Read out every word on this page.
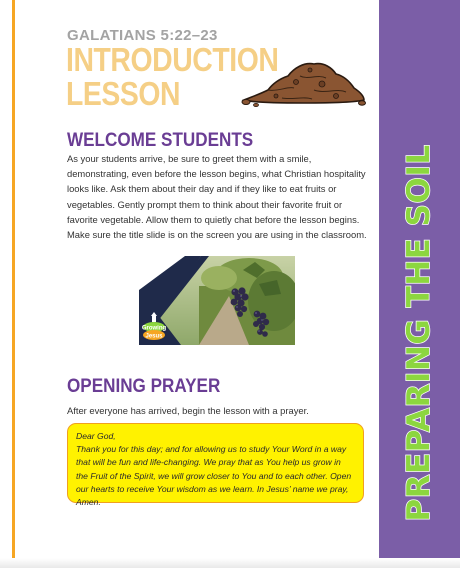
GALATIANS 5:22–23
INTRODUCTION
LESSON
WELCOME STUDENTS
As your students arrive, be sure to greet them with a smile, demonstrating, even before the lesson begins, what Christian hospitality looks like. Ask them about their day and if they like to eat fruits or vegetables. Gently prompt them to think about their favorite fruit or favorite vegetable. Allow them to quietly chat before the lesson begins. Make sure the title slide is on the screen you are using in the classroom.
Growing
Jesus
OPENING PRAYER
After everyone has arrived, begin the lesson with a prayer.
Dear God,
Thank you for this day; and for allowing us to study Your Word in a way that will be fun and life-changing. We pray that as You help us grow in the Fruit of the Spirit, we will grow closer to You and to each other. Open our hearts to receive Your wisdom as we learn. In Jesus’ name we pray, Amen.	PREPARING THE SOIL
